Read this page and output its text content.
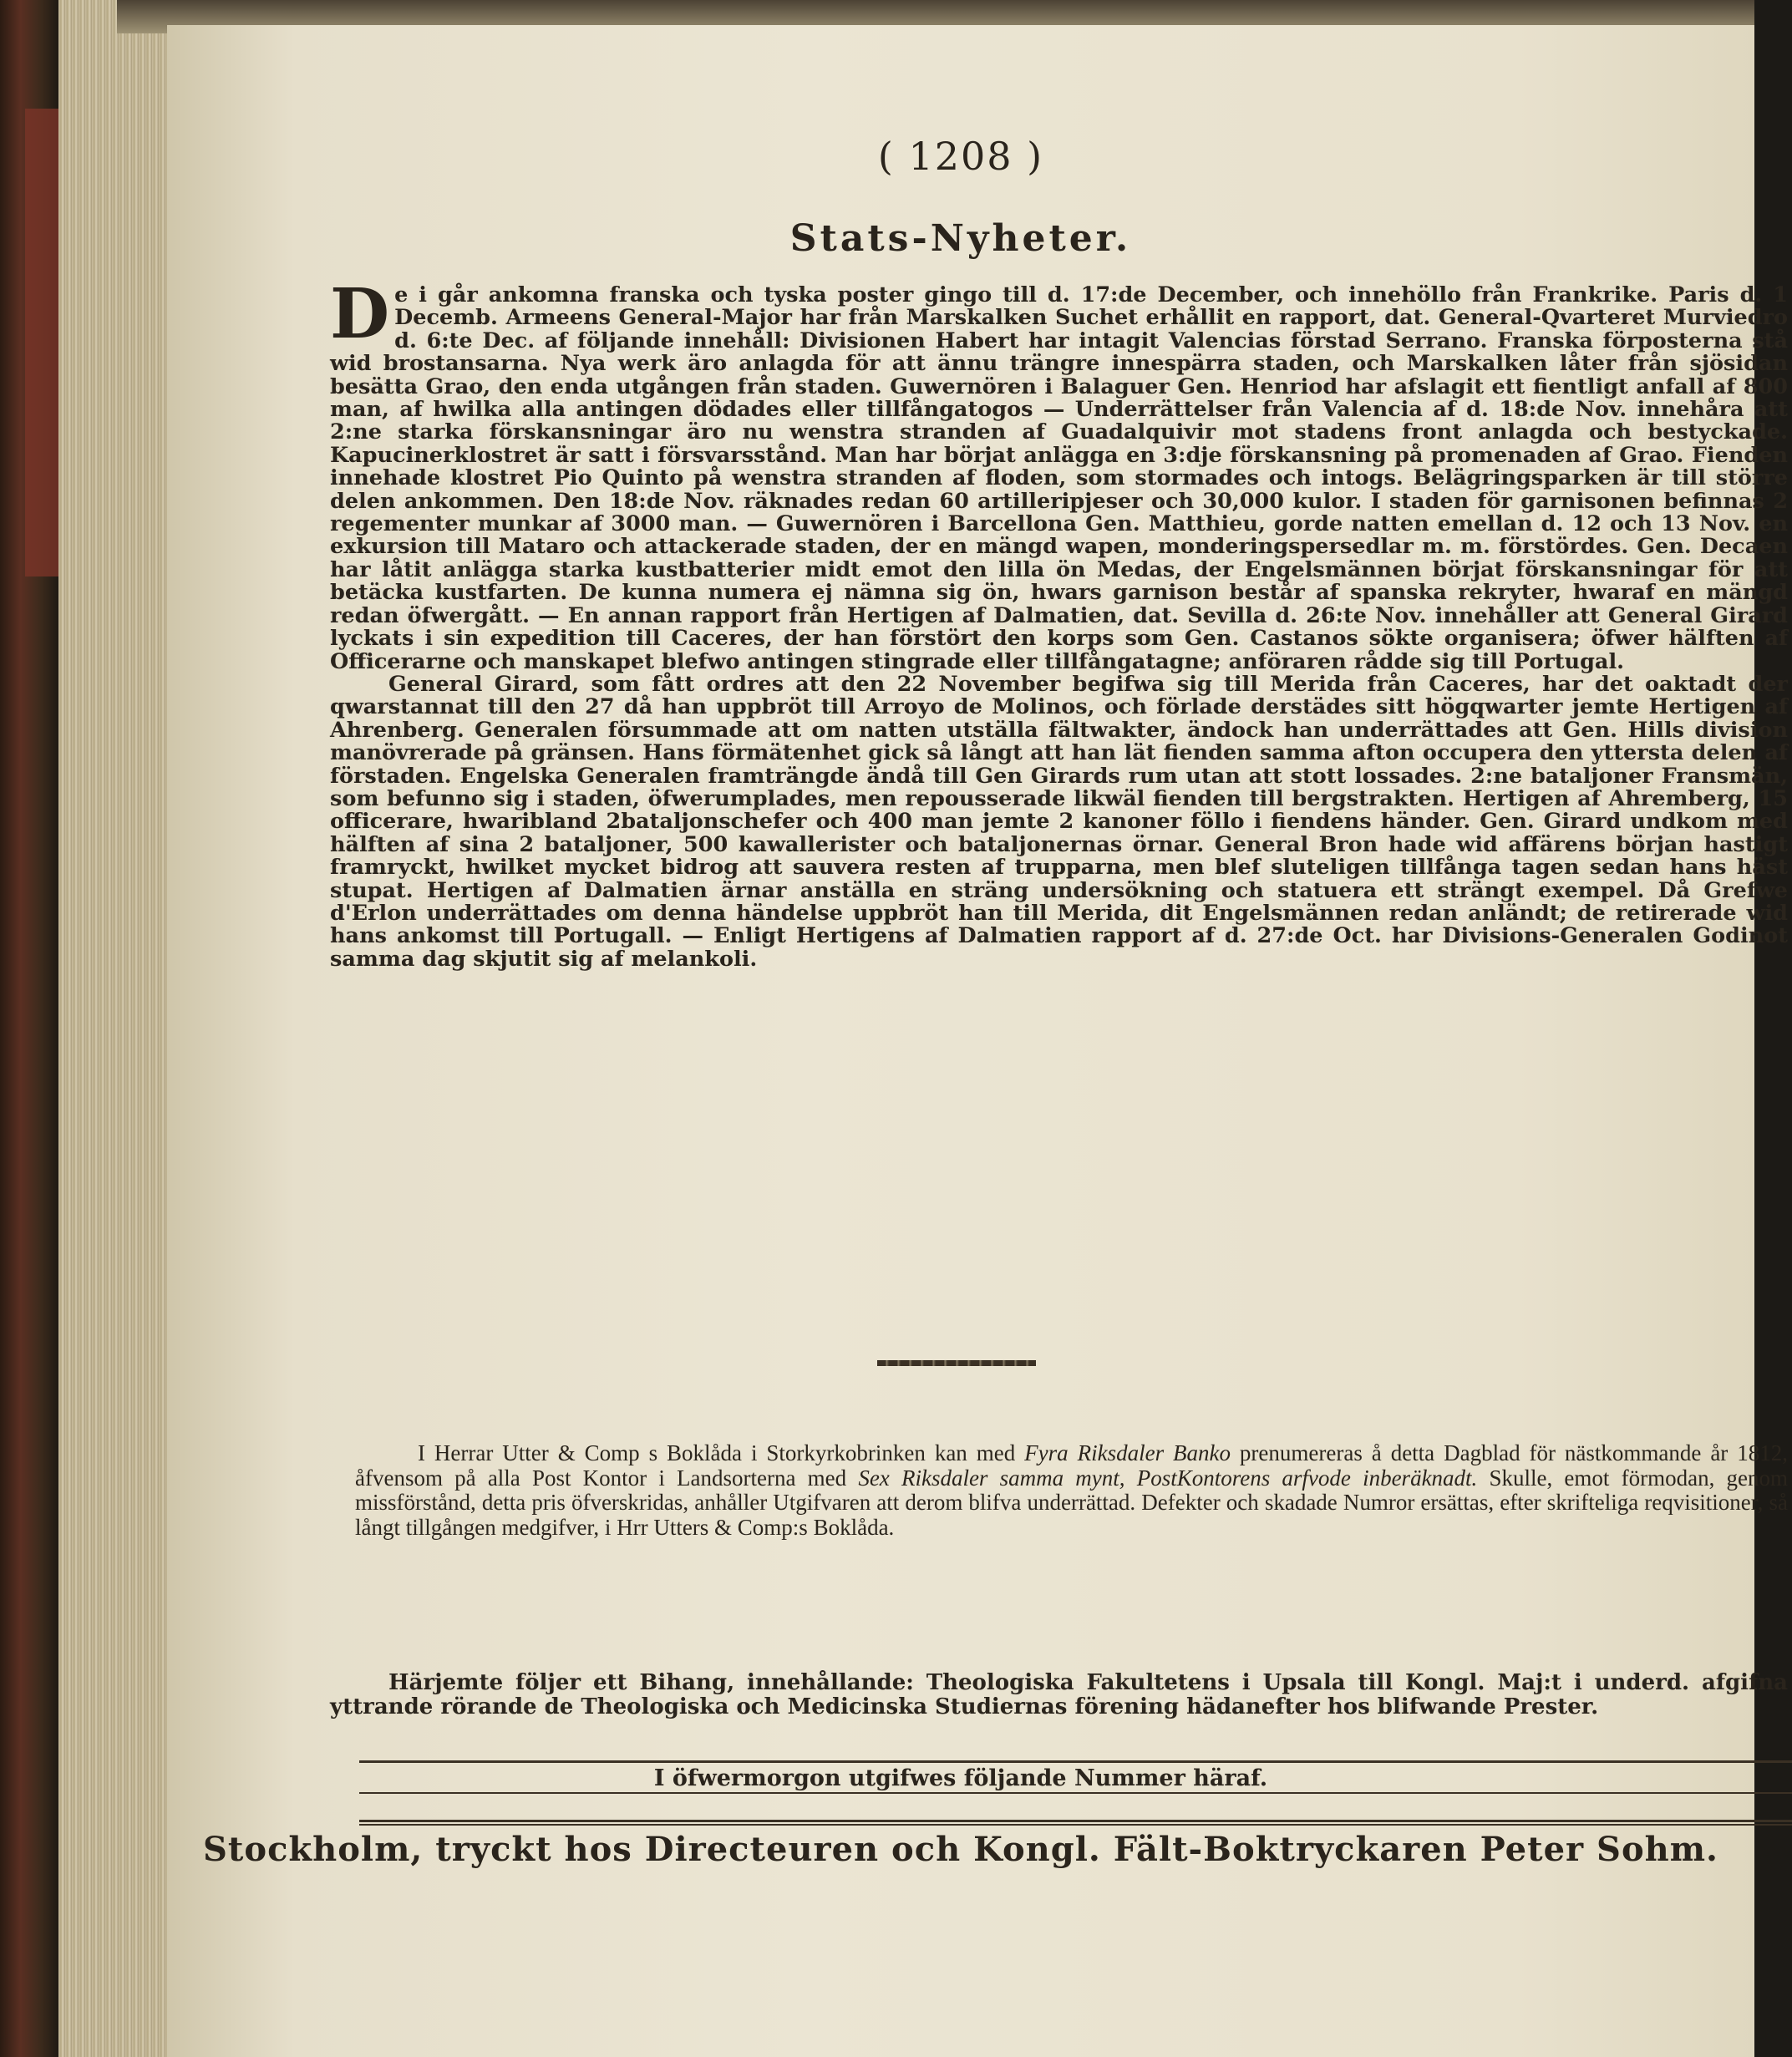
( 1208 )
Stats-Nyheter.

De i går ankomna franska och tyska poster gingo till d. 17:de December, och innehöllo från Frankrike. Paris d. 1 Decemb. Armeens General-Major har från Marskalken Suchet erhållit en rapport, dat. General-Qvarteret Murviedro d. 6:te Dec. af följande innehåll: Divisionen Habert har intagit Valencias förstad Serrano. Franska förposterna stå wid brostansarna. Nya werk äro anlagda för att ännu trängre innespärra staden, och Marskalken låter från sjösidan besätta Grao, den enda utgången från staden. Guwernören i Balaguer Gen. Henriod har afslagit ett fientligt anfall af 800 man, af hwilka alla antingen dödades eller tillfångatogos — Underrättelser från Valencia af d. 18:de Nov. innehåra att 2:ne starka förskansningar äro nu wenstra stranden af Guadalquivir mot stadens front anlagda och bestyckade. Kapucinerklostret är satt i försvarsstånd. Man har börjat anlägga en 3:dje förskansning på promenaden af Grao. Fienden innehade klostret Pio Quinto på wenstra stranden af floden, som stormades och intogs. Belägringsparken är till större delen ankommen. Den 18:de Nov. räknades redan 60 artilleripjeser och 30,000 kulor. I staden för garnisonen befinnas 2 regementer munkar af 3000 man. — Guwernören i Barcellona Gen. Matthieu, gorde natten emellan d. 12 och 13 Nov. en exkursion till Mataro och attackerade staden, der en mängd wapen, monderingspersedlar m. m. förstördes. Gen. Decaen har låtit anlägga starka kustbatterier midt emot den lilla ön Medas, der Engelsmännen börjat förskansningar för att betäcka kustfarten. De kunna numera ej nämna sig ön, hwars garnison består af spanska rekryter, hwaraf en mängd redan öfwergått. — En annan rapport från Hertigen af Dalmatien, dat. Sevilla d. 26:te Nov. innehåller att General Girard lyckats i sin expedition till Caceres, der han förstört den korps som Gen. Castanos sökte organisera; öfwer hälften af Officerarne och manskapet blefwo antingen stingrade eller tillfångatagne; anföraren rådde sig till Portugal.

General Girard, som fått ordres att den 22 November begifwa sig till Merida från Caceres, har det oaktadt der qwarstannat till den 27 då han uppbröt till Arroyo de Molinos, och förlade derstädes sitt högqwarter jemte Hertigen af Ahrenberg. Generalen försummade att om natten utställa fältwakter, ändock han underrättades att Gen. Hills division manövrerade på gränsen. Hans förmätenhet gick så långt att han lät fienden samma afton occupera den yttersta delen af förstaden. Engelska Generalen framträngde ändå till Gen Girards rum utan att stott lossades. 2:ne bataljoner Fransmän, som befunno sig i staden, öfwerumplades, men repousserade likwäl fienden till bergstrakten. Hertigen af Ahremberg, 15 officerare, hwaribland 2bataljonschefer och 400 man jemte 2 kanoner föllo i fiendens händer. Gen. Girard undkom med hälften af sina 2 bataljoner, 500 kawallerister och bataljonernas örnar. General Bron hade wid affärens början hastigt framryckt, hwilket mycket bidrog att sauvera resten af trupparna, men blef sluteligen tillfånga tagen sedan hans häst stupat. Hertigen af Dalmatien ärnar anställa en sträng undersökning och statuera ett strängt exempel. Då Grefwe d'Erlon underrättades om denna händelse uppbröt han till Merida, dit Engelsmännen redan anländt; de retirerade wid hans ankomst till Portugall. — Enligt Hertigens af Dalmatien rapport af d. 27:de Oct. har Divisions-Generalen Godinot samma dag skjutit sig af melankoli.

I Herrar Utter & Comp s Boklåda i Storkyrkobrinken kan med Fyra Riksdaler Banko prenumereras å detta Dagblad för nästkommande år 1812, åfvensom på alla Post Kontor i Landsorterna med Sex Riksdaler samma mynt, PostKontorens arfvode inberäknadt. Skulle, emot förmodan, genom missförstånd, detta pris öfverskridas, anhåller Utgifvaren att derom blifva underrättad. Defekter och skadade Numror ersättas, efter skrifteliga reqvisitioner, så långt tillgången medgifver, i Hrr Utters & Comp:s Boklåda.

Härjemte följer ett Bihang, innehållande: Theologiska Fakultetens i Upsala till Kongl. Maj:t i underd. afgifna yttrande rörande de Theologiska och Medicinska Studiernas förening hädanefter hos blifwande Prester.

I öfwermorgon utgifwes följande Nummer häraf.
Stockholm, tryckt hos Directeuren och Kongl. Fält-Boktryckaren Peter Sohm.
